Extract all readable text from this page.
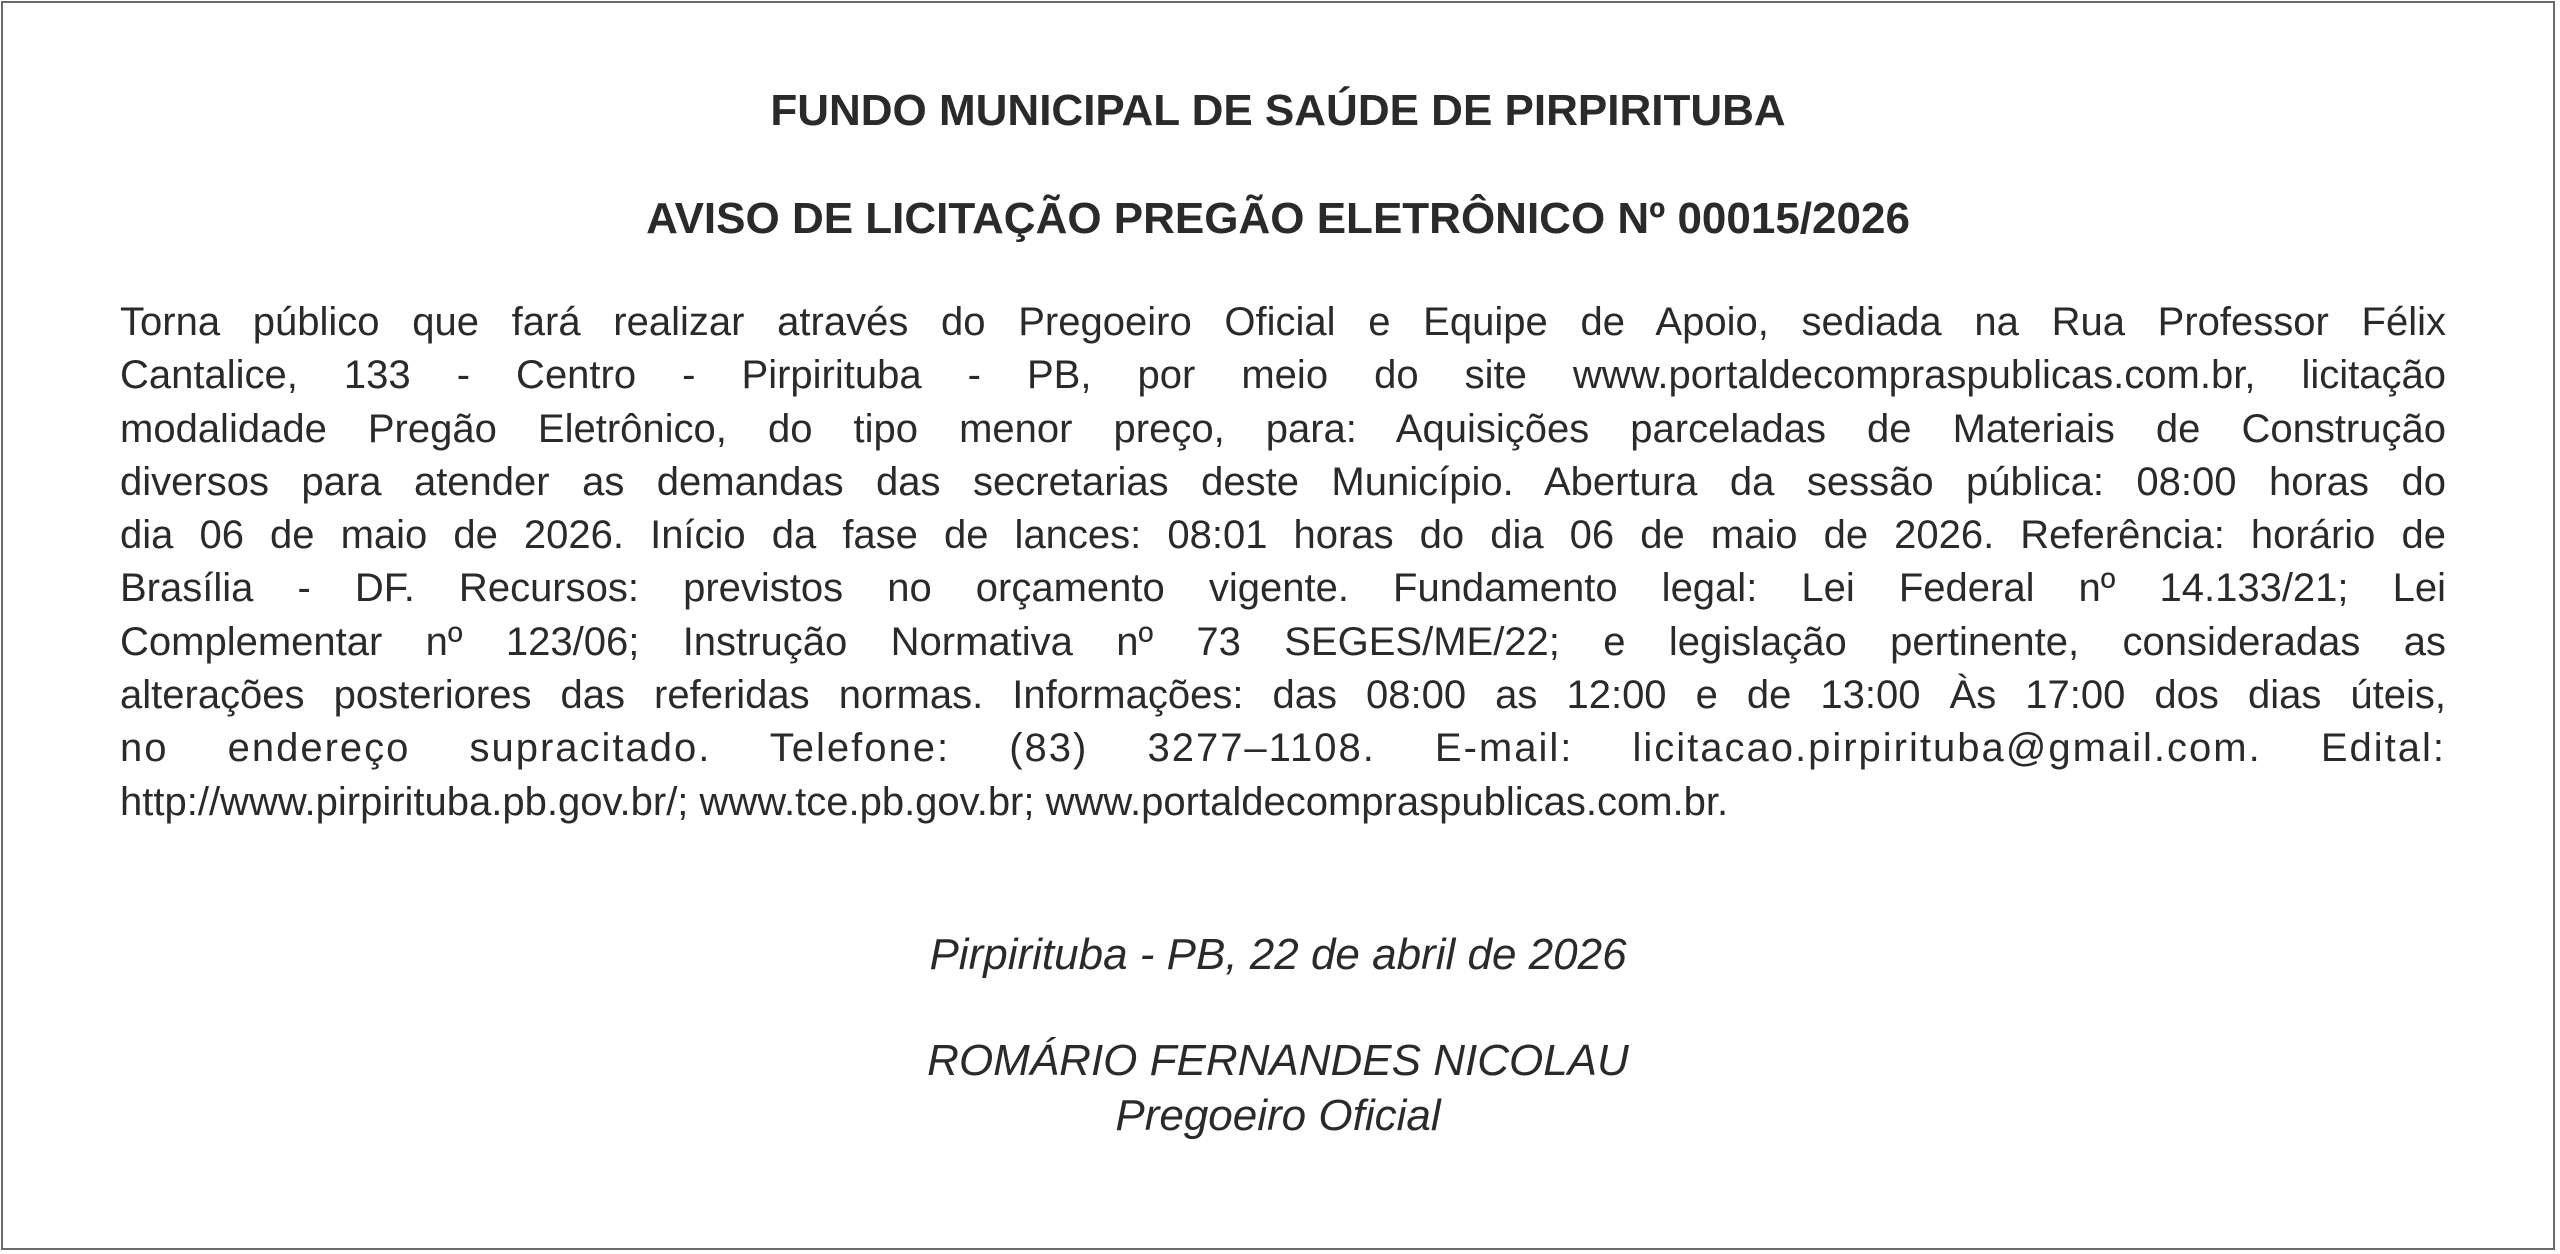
FUNDO MUNICIPAL DE SAÚDE DE PIRPIRITUBA
AVISO DE LICITAÇÃO PREGÃO ELETRÔNICO Nº 00015/2026
Torna público que fará realizar através do Pregoeiro Oficial e Equipe de Apoio, sediada na Rua Professor Félix
Cantalice, 133 - Centro - Pirpirituba - PB, por meio do site www.portaldecompraspublicas.com.br, licitação
modalidade Pregão Eletrônico, do tipo menor preço, para: Aquisições parceladas de Materiais de Construção
diversos para atender as demandas das secretarias deste Município. Abertura da sessão pública: 08:00 horas do
dia 06 de maio de 2026. Início da fase de lances: 08:01 horas do dia 06 de maio de 2026. Referência: horário de
Brasília - DF. Recursos: previstos no orçamento vigente. Fundamento legal: Lei Federal nº 14.133/21; Lei
Complementar nº 123/06; Instrução Normativa nº 73 SEGES/ME/22; e legislação pertinente, consideradas as
alterações posteriores das referidas normas. Informações: das 08:00 as 12:00 e de 13:00 Às 17:00 dos dias úteis,
no endereço supracitado. Telefone: (83) 3277–1108. E-mail: licitacao.pirpirituba@gmail.com. Edital:
http://www.pirpirituba.pb.gov.br/; www.tce.pb.gov.br; www.portaldecompraspublicas.com.br.
Pirpirituba - PB, 22 de abril de 2026
ROMÁRIO FERNANDES NICOLAU
Pregoeiro Oficial
